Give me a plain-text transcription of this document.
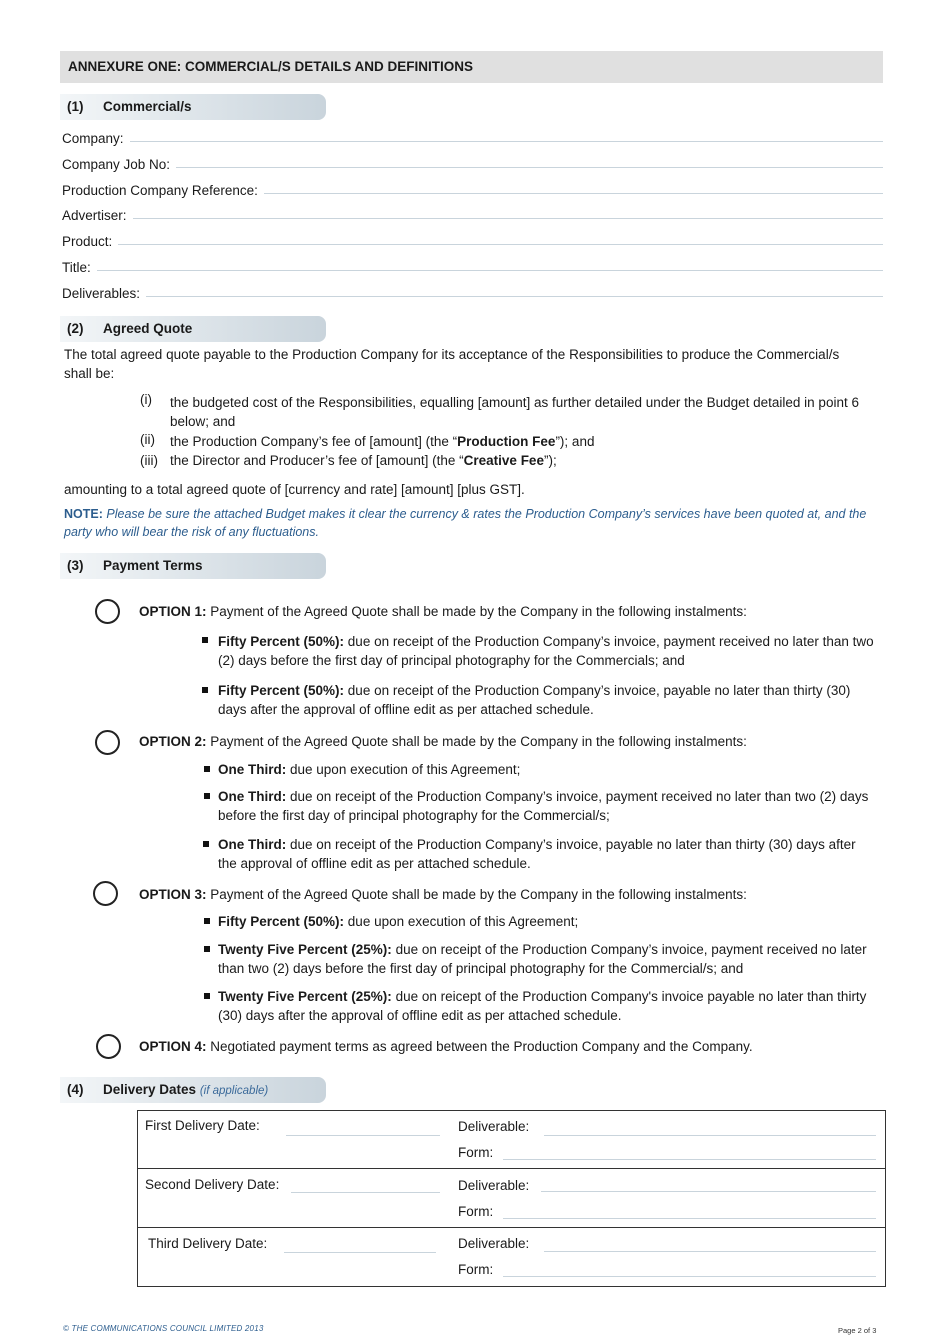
ANNEXURE ONE: COMMERCIAL/S DETAILS AND DEFINITIONS
(1) Commercial/s
Company:
Company Job No:
Production Company Reference:
Advertiser:
Product:
Title:
Deliverables:
(2) Agreed Quote
The total agreed quote payable to the Production Company for its acceptance of the Responsibilities to produce the Commercial/s shall be:
(i)	the budgeted cost of the Responsibilities, equalling [amount] as further detailed under the Budget detailed in point 6 below; and
(ii)	the Production Company’s fee of [amount] (the “Production Fee”); and
(iii) the Director and Producer’s fee of [amount] (the “Creative Fee”);
amounting to a total agreed quote of [currency and rate] [amount] [plus GST].
NOTE: Please be sure the attached Budget makes it clear the currency & rates the Production Company’s services have been quoted at, and the party who will bear the risk of any fluctuations.
(3) Payment Terms
OPTION 1: Payment of the Agreed Quote shall be made by the Company in the following instalments:
Fifty Percent (50%): due on receipt of the Production Company’s invoice, payment received no later than two (2) days before the first day of principal photography for the Commercials; and
Fifty Percent (50%): due on receipt of the Production Company’s invoice, payable no later than thirty (30) days after the approval of offline edit as per attached schedule.
OPTION 2: Payment of the Agreed Quote shall be made by the Company in the following instalments:
One Third: due upon execution of this Agreement;
One Third: due on receipt of the Production Company’s invoice, payment received no later than two (2) days before the first day of principal photography for the Commercial/s;
One Third: due on receipt of the Production Company’s invoice, payable no later than thirty (30) days after the approval of offline edit as per attached schedule.
OPTION 3: Payment of the Agreed Quote shall be made by the Company in the following instalments:
Fifty Percent (50%): due upon execution of this Agreement;
Twenty Five Percent (25%): due on receipt of the Production Company’s invoice, payment received no later than two (2) days before the first day of principal photography for the Commercial/s; and
Twenty Five Percent (25%): due on reicept of the Production Company's invoice payable no later than thirty (30) days after the approval of offline edit as per attached schedule.
OPTION 4: Negotiated payment terms as agreed between the Production Company and the Company.
(4) Delivery Dates (if applicable)
First Delivery Date:	Deliverable:
Form:
Second Delivery Date:	Deliverable:
Form:
Third Delivery Date:	Deliverable:
Form:
© THE COMMUNICATIONS COUNCIL LIMITED 2013	Page 2 of 3
